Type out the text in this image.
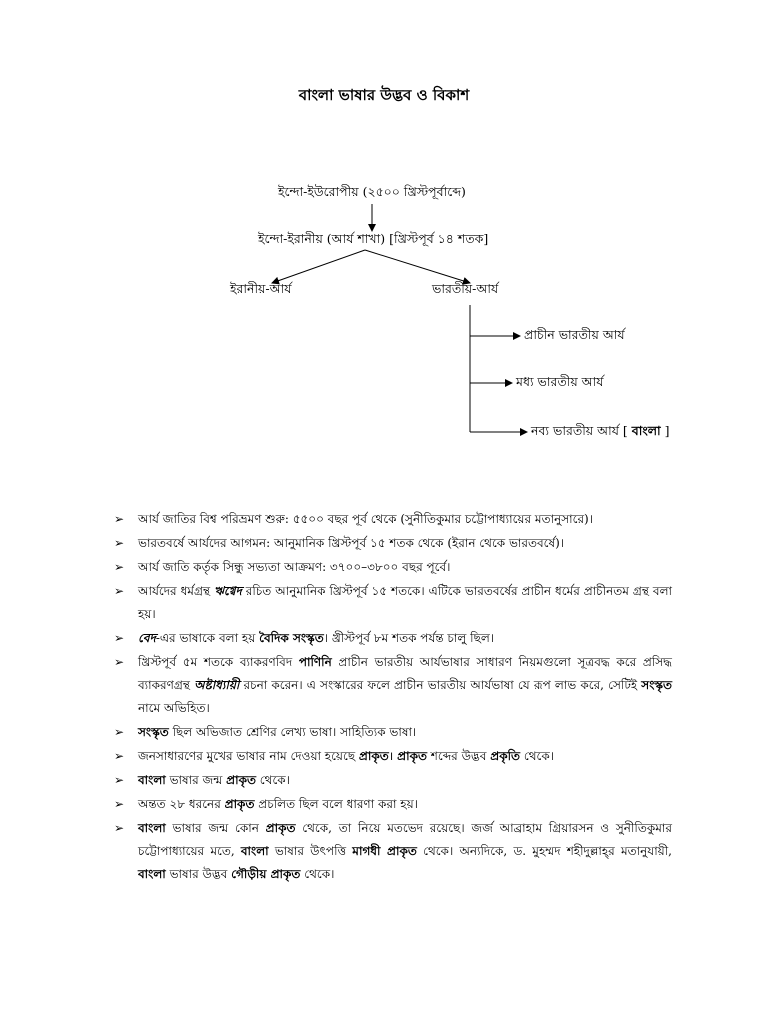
বাংলা ভাষার উদ্ভব ও বিকাশ
ইন্দো-ইউরোপীয় (২৫০০ খ্রিস্টপূর্বাব্দে)
ইন্দো-ইরানীয় (আর্য শাখা) [খ্রিস্টপূর্ব ১৪ শতক]
ইরানীয়-আর্য	ভারতীয়-আর্য
প্রাচীন ভারতীয় আর্য
মধ্য ভারতীয় আর্য
নব্য ভারতীয় আর্য [ বাংলা ]
➢ আর্য জাতির বিশ্ব পরিভ্রমণ শুরু: ৫৫০০ বছর পূর্ব থেকে (সুনীতিকুমার চট্টোপাধ্যায়ের মতানুসারে)।
➢ ভারতবর্ষে আর্যদের আগমন: আনুমানিক খ্রিস্টপূর্ব ১৫ শতক থেকে (ইরান থেকে ভারতবর্ষে)।
➢ আর্য জাতি কর্তৃক সিন্ধু সভ্যতা আক্রমণ: ৩৭০০–৩৮০০ বছর পূর্বে।
➢ আর্যদের ধর্মগ্রন্থ ঋগ্বেদ রচিত আনুমানিক খ্রিস্টপূর্ব ১৫ শতকে। এটিকে ভারতবর্ষের প্রাচীন ধর্মের প্রাচীনতম গ্রন্থ বলা হয়।
➢ বেদ-এর ভাষাকে বলা হয় বৈদিক সংস্কৃত। খ্রীস্টপূর্ব ৮ম শতক পর্যন্ত চালু ছিল।
➢ খ্রিস্টপূর্ব ৫ম শতকে ব্যাকরণবিদ পাণিনি প্রাচীন ভারতীয় আর্যভাষার সাধারণ নিয়মগুলো সূত্রবদ্ধ করে প্রসিদ্ধ ব্যাকরণগ্রন্থ অষ্টাধ্যায়ী রচনা করেন। এ সংস্কারের ফলে প্রাচীন ভারতীয় আর্যভাষা যে রূপ লাভ করে, সেটিই সংস্কৃত নামে অভিহিত।
➢ সংস্কৃত ছিল অভিজাত শ্রেণির লেখ্য ভাষা। সাহিত্যিক ভাষা।
➢ জনসাধারণের মুখের ভাষার নাম দেওয়া হয়েছে প্রাকৃত। প্রাকৃত শব্দের উদ্ভব প্রকৃতি থেকে।
➢ বাংলা ভাষার জন্ম প্রাকৃত থেকে।
➢ অন্তত ২৮ ধরনের প্রাকৃত প্রচলিত ছিল বলে ধারণা করা হয়।
➢ বাংলা ভাষার জন্ম কোন প্রাকৃত থেকে, তা নিয়ে মতভেদ রয়েছে। জর্জ আব্রাহাম গ্রিয়ারসন ও সুনীতিকুমার চট্টোপাধ্যায়ের মতে, বাংলা ভাষার উৎপত্তি মাগধী প্রাকৃত থেকে। অন্যদিকে, ড. মুহম্মদ শহীদুল্লাহ্‌র মতানুযায়ী, বাংলা ভাষার উদ্ভব গৌড়ীয় প্রাকৃত থেকে।
